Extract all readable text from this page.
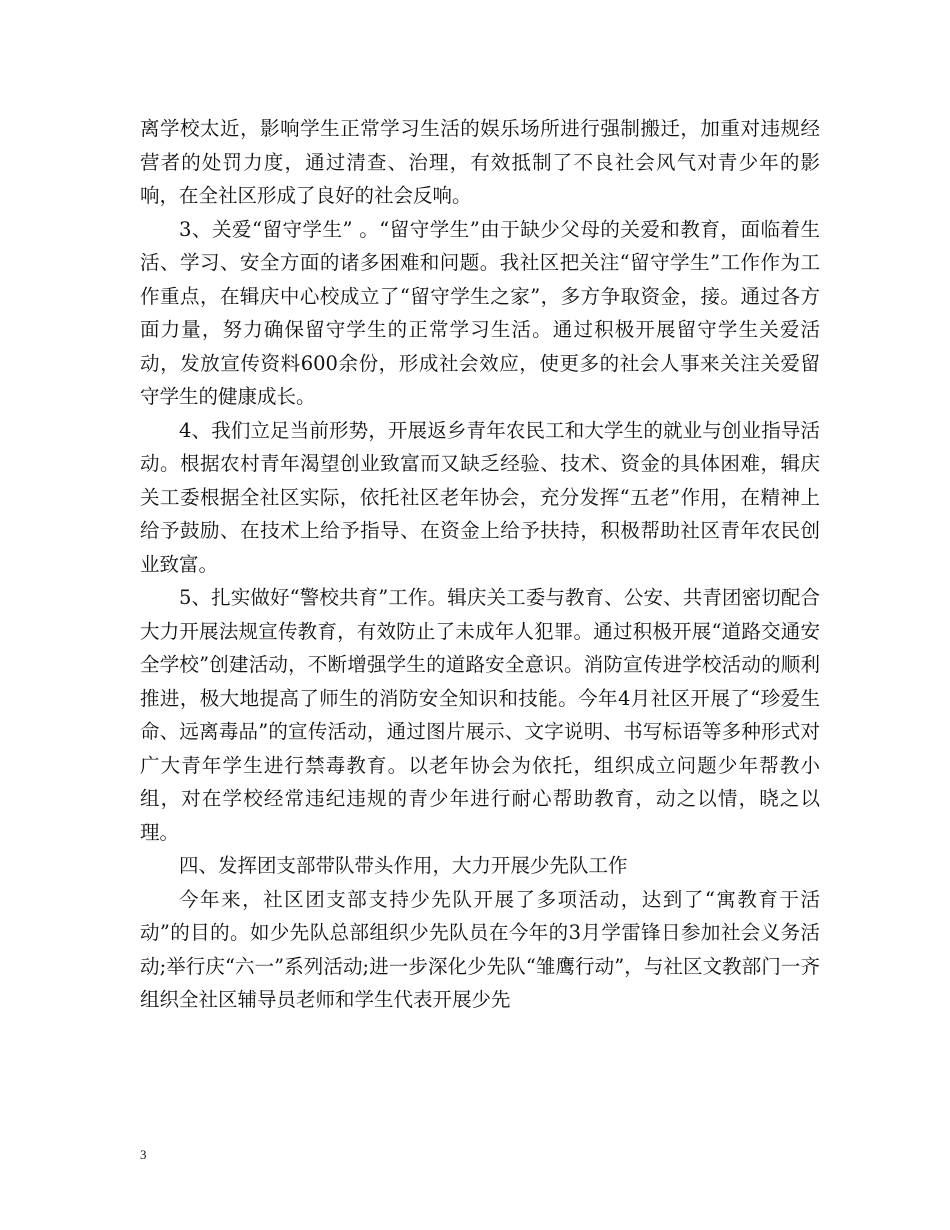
离学校太近，影响学生正常学习生活的娱乐场所进行强制搬迁，加重对违规经营者的处罚力度，通过清查、治理，有效抵制了不良社会风气对青少年的影响，在全社区形成了良好的社会反响。

3、关爱“留守学生” 。“留守学生”由于缺少父母的关爱和教育，面临着生活、学习、安全方面的诸多困难和问题。我社区把关注“留守学生”工作作为工作重点，在辑庆中心校成立了“留守学生之家”，多方争取资金，接。通过各方面力量，努力确保留守学生的正常学习生活。通过积极开展留守学生关爱活动，发放宣传资料600余份，形成社会效应，使更多的社会人事来关注关爱留守学生的健康成长。

4、我们立足当前形势，开展返乡青年农民工和大学生的就业与创业指导活动。根据农村青年渴望创业致富而又缺乏经验、技术、资金的具体困难，辑庆关工委根据全社区实际，依托社区老年协会，充分发挥“五老”作用，在精神上给予鼓励、在技术上给予指导、在资金上给予扶持，积极帮助社区青年农民创业致富。

5、扎实做好“警校共育”工作。辑庆关工委与教育、公安、共青团密切配合大力开展法规宣传教育，有效防止了未成年人犯罪。通过积极开展“道路交通安全学校”创建活动，不断增强学生的道路安全意识。消防宣传进学校活动的顺利推进，极大地提高了师生的消防安全知识和技能。今年4月社区开展了“珍爱生命、远离毒品”的宣传活动，通过图片展示、文字说明、书写标语等多种形式对广大青年学生进行禁毒教育。以老年协会为依托，组织成立问题少年帮教小组，对在学校经常违纪违规的青少年进行耐心帮助教育，动之以情，晓之以理。

四、发挥团支部带队带头作用，大力开展少先队工作

今年来，社区团支部支持少先队开展了多项活动，达到了“寓教育于活动”的目的。如少先队总部组织少先队员在今年的3月学雷锋日参加社会义务活动;举行庆“六一”系列活动;进一步深化少先队“雏鹰行动”，与社区文教部门一齐组织全社区辅导员老师和学生代表开展少先

3
